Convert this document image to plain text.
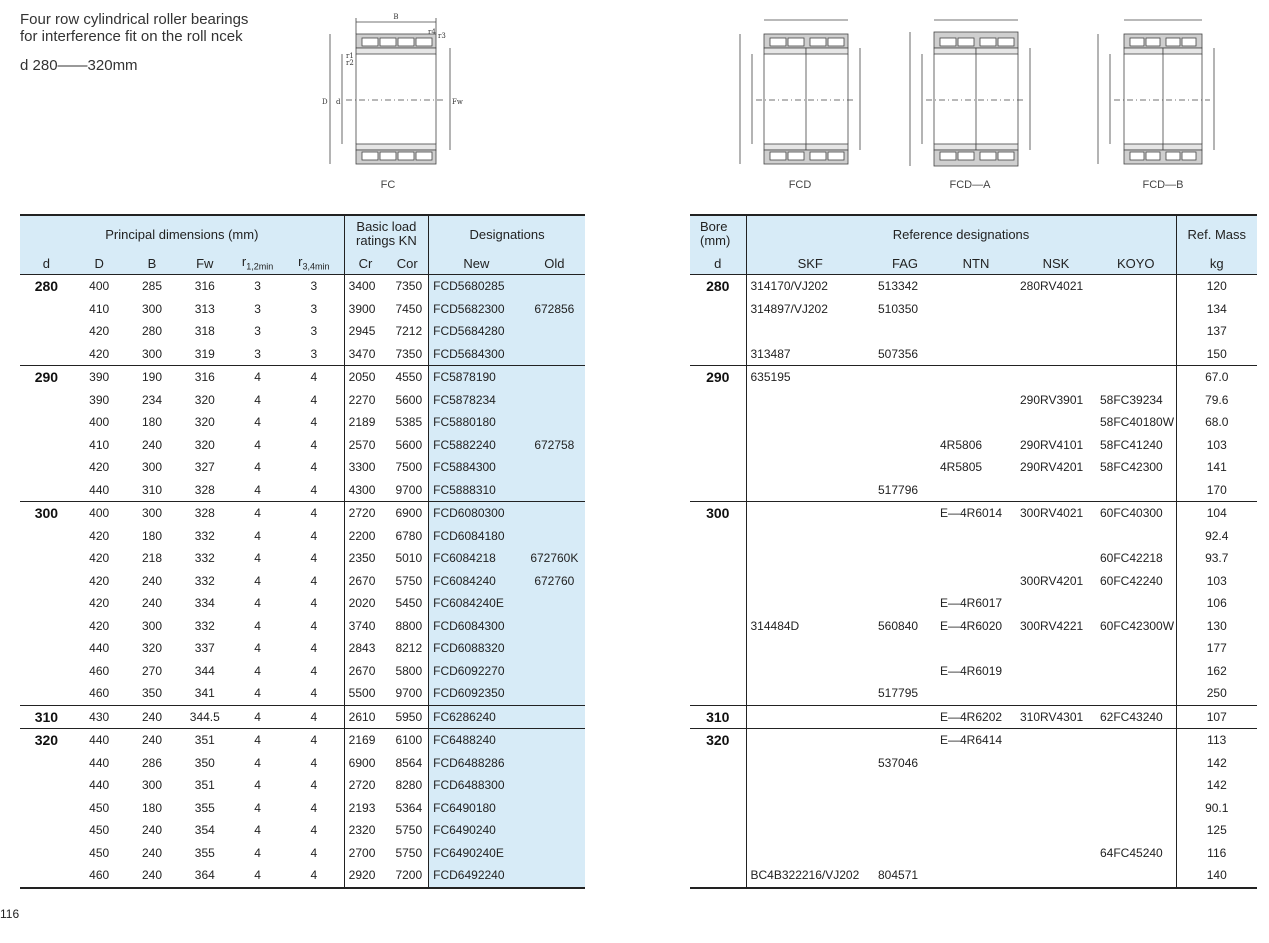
Four row cylindrical roller bearings
for interference fit on the roll ncek
d 280——320mm
B
D d	Fw
r1
r2
r4 r3
FC	FCD	FCD—A	FCD—B
Principal dimensions (mm)						Basic load ratings KN		Designations	
d	D	B	Fw	$r_{1,2min}$	$r_{3,4min}$	Cr	Cor	New	Old
280	400	285	316	3	3	3400	7350	FCD5680285	
	410	300	313	3	3	3900	7450	FCD5682300	672856
	420	280	318	3	3	2945	7212	FCD5684280	
	420	300	319	3	3	3470	7350	FCD5684300	
290	390	190	316	4	4	2050	4550	FC5878190	
	390	234	320	4	4	2270	5600	FC5878234	
	400	180	320	4	4	2189	5385	FC5880180	
	410	240	320	4	4	2570	5600	FC5882240	672758
	420	300	327	4	4	3300	7500	FC5884300	
	440	310	328	4	4	4300	9700	FC5888310	
300	400	300	328	4	4	2720	6900	FCD6080300	
	420	180	332	4	4	2200	6780	FCD6084180	
	420	218	332	4	4	2350	5010	FC6084218	672760K
	420	240	332	4	4	2670	5750	FC6084240	672760
	420	240	334	4	4	2020	5450	FC6084240E	
	420	300	332	4	4	3740	8800	FCD6084300	
	440	320	337	4	4	2843	8212	FCD6088320	
	460	270	344	4	4	2670	5800	FCD6092270	
	460	350	341	4	4	5500	9700	FCD6092350	
310	430	240	344.5	4	4	2610	5950	FC6286240	
320	440	240	351	4	4	2169	6100	FC6488240	
	440	286	350	4	4	6900	8564	FCD6488286	
	440	300	351	4	4	2720	8280	FCD6488300	
	450	180	355	4	4	2193	5364	FC6490180	
	450	240	354	4	4	2320	5750	FC6490240	
	450	240	355	4	4	2700	5750	FC6490240E	
	460	240	364	4	4	2920	7200	FCD6492240	
Bore (mm)	Reference designations					Ref. Mass
d	SKF	FAG	NTN	NSK	KOYO	kg
280	314170/VJ202	513342		280RV4021		120
	314897/VJ202	510350				134
						137
	313487	507356				150
290	635195					67.0
				290RV3901	58FC39234	79.6
					58FC40180W	68.0
			4R5806	290RV4101	58FC41240	103
			4R5805	290RV4201	58FC42300	141
		517796				170
300			E—4R6014	300RV4021	60FC40300	104
						92.4
					60FC42218	93.7
				300RV4201	60FC42240	103
			E—4R6017			106
	314484D	560840	E—4R6020	300RV4221	60FC42300W	130
						177
			E—4R6019			162
		517795				250
310			E—4R6202	310RV4301	62FC43240	107
320			E—4R6414			113
		537046				142
						142
						90.1
						125
					64FC45240	116
	BC4B322216/VJ202	804571				140
116
